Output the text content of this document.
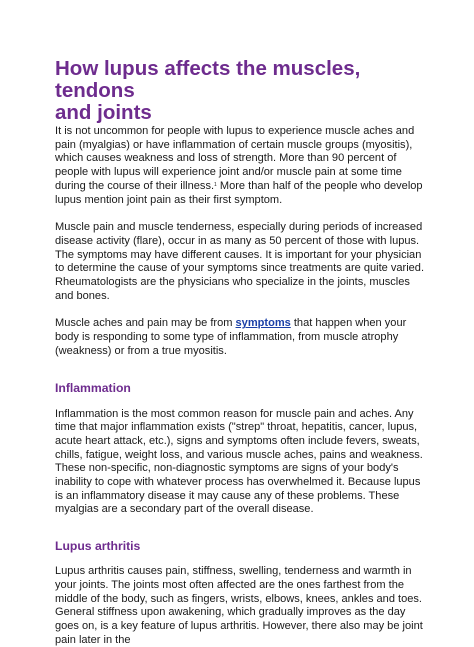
How lupus affects the muscles, tendons
and joints

It is not uncommon for people with lupus to experience muscle aches and pain (myalgias) or have inflammation of certain muscle groups (myositis), which causes weakness and loss of strength. More than 90 percent of people with lupus will experience joint and/or muscle pain at some time during the course of their illness.$^1$ More than half of the people who develop lupus mention joint pain as their first symptom.

Muscle pain and muscle tenderness, especially during periods of increased disease activity (flare), occur in as many as 50 percent of those with lupus. The symptoms may have different causes. It is important for your physician to determine the cause of your symptoms since treatments are quite varied. Rheumatologists are the physicians who specialize in the joints, muscles and bones.

Muscle aches and pain may be from symptoms that happen when your body is responding to some type of inflammation, from muscle atrophy (weakness) or from a true myositis.

Inflammation

Inflammation is the most common reason for muscle pain and aches. Any time that major inflammation exists ("strep" throat, hepatitis, cancer, lupus, acute heart attack, etc.), signs and symptoms often include fevers, sweats, chills, fatigue, weight loss, and various muscle aches, pains and weakness. These non-specific, non-diagnostic symptoms are signs of your body's inability to cope with whatever process has overwhelmed it. Because lupus is an inflammatory disease it may cause any of these problems. These myalgias are a secondary part of the overall disease.

Lupus arthritis

Lupus arthritis causes pain, stiffness, swelling, tenderness and warmth in your joints. The joints most often affected are the ones farthest from the middle of the body, such as fingers, wrists, elbows, knees, ankles and toes. General stiffness upon awakening, which gradually improves as the day goes on, is a key feature of lupus arthritis. However, there also may be joint pain later in the
